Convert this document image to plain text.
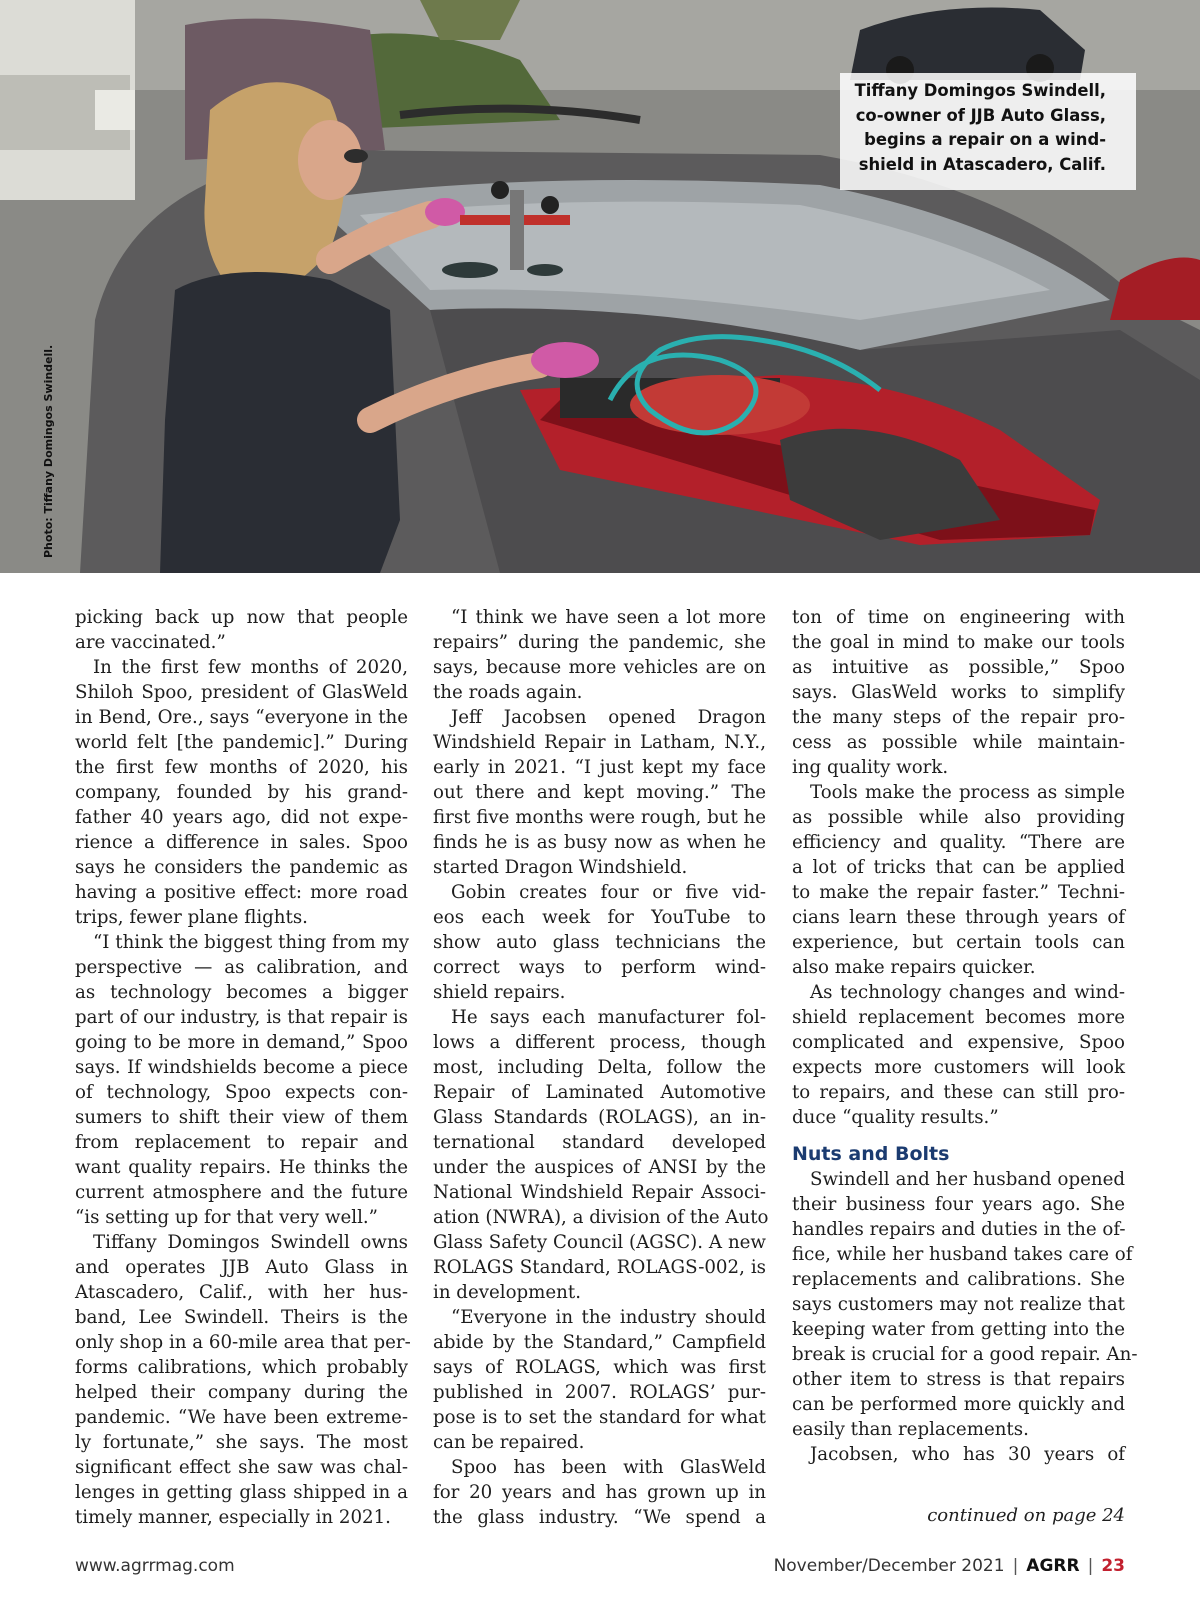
Tiffany Domingos Swindell,
co-owner of JJB Auto Glass,
begins a repair on a wind-
shield in Atascadero, Calif.
Photo: Tiffany Domingos Swindell.

picking back up now that people

are vaccinated.”

In the first few months of 2020,

Shiloh Spoo, president of GlasWeld

in Bend, Ore., says “everyone in the

world felt [the pandemic].” During

the first few months of 2020, his

company, founded by his grand-

father 40 years ago, did not expe-

rience a difference in sales. Spoo

says he considers the pandemic as

having a positive effect: more road

trips, fewer plane flights.

“I think the biggest thing from my

perspective — as calibration, and

as technology becomes a bigger

part of our industry, is that repair is

going to be more in demand,” Spoo

says. If windshields become a piece

of technology, Spoo expects con-

sumers to shift their view of them

from replacement to repair and

want quality repairs. He thinks the

current atmosphere and the future

“is setting up for that very well.”

Tiffany Domingos Swindell owns

and operates JJB Auto Glass in

Atascadero, Calif., with her hus-

band, Lee Swindell. Theirs is the

only shop in a 60-mile area that per-

forms calibrations, which probably

helped their company during the

pandemic. “We have been extreme-

ly fortunate,” she says. The most

significant effect she saw was chal-

lenges in getting glass shipped in a

timely manner, especially in 2021.

“I think we have seen a lot more

repairs” during the pandemic, she

says, because more vehicles are on

the roads again.

Jeff Jacobsen opened Dragon

Windshield Repair in Latham, N.Y.,

early in 2021. “I just kept my face

out there and kept moving.” The

first five months were rough, but he

finds he is as busy now as when he

started Dragon Windshield.

Gobin creates four or five vid-

eos each week for YouTube to

show auto glass technicians the

correct ways to perform wind-

shield repairs.

He says each manufacturer fol-

lows a different process, though

most, including Delta, follow the

Repair of Laminated Automotive

Glass Standards (ROLAGS), an in-

ternational standard developed

under the auspices of ANSI by the

National Windshield Repair Associ-

ation (NWRA), a division of the Auto

Glass Safety Council (AGSC). A new

ROLAGS Standard, ROLAGS-002, is

in development.

“Everyone in the industry should

abide by the Standard,” Campfield

says of ROLAGS, which was first

published in 2007. ROLAGS’ pur-

pose is to set the standard for what

can be repaired.

Spoo has been with GlasWeld

for 20 years and has grown up in

the glass industry. “We spend a

ton of time on engineering with

the goal in mind to make our tools

as intuitive as possible,” Spoo

says. GlasWeld works to simplify

the many steps of the repair pro-

cess as possible while maintain-

ing quality work.

Tools make the process as simple

as possible while also providing

efficiency and quality. “There are

a lot of tricks that can be applied

to make the repair faster.” Techni-

cians learn these through years of

experience, but certain tools can

also make repairs quicker.

As technology changes and wind-

shield replacement becomes more

complicated and expensive, Spoo

expects more customers will look

to repairs, and these can still pro-

duce “quality results.”

Nuts and Bolts

Swindell and her husband opened

their business four years ago. She

handles repairs and duties in the of-

fice, while her husband takes care of

replacements and calibrations. She

says customers may not realize that

keeping water from getting into the

break is crucial for a good repair. An-

other item to stress is that repairs

can be performed more quickly and

easily than replacements.

Jacobsen, who has 30 years of

continued on page 24
www.agrrmag.com	November/December 2021 | AGRR | 23
